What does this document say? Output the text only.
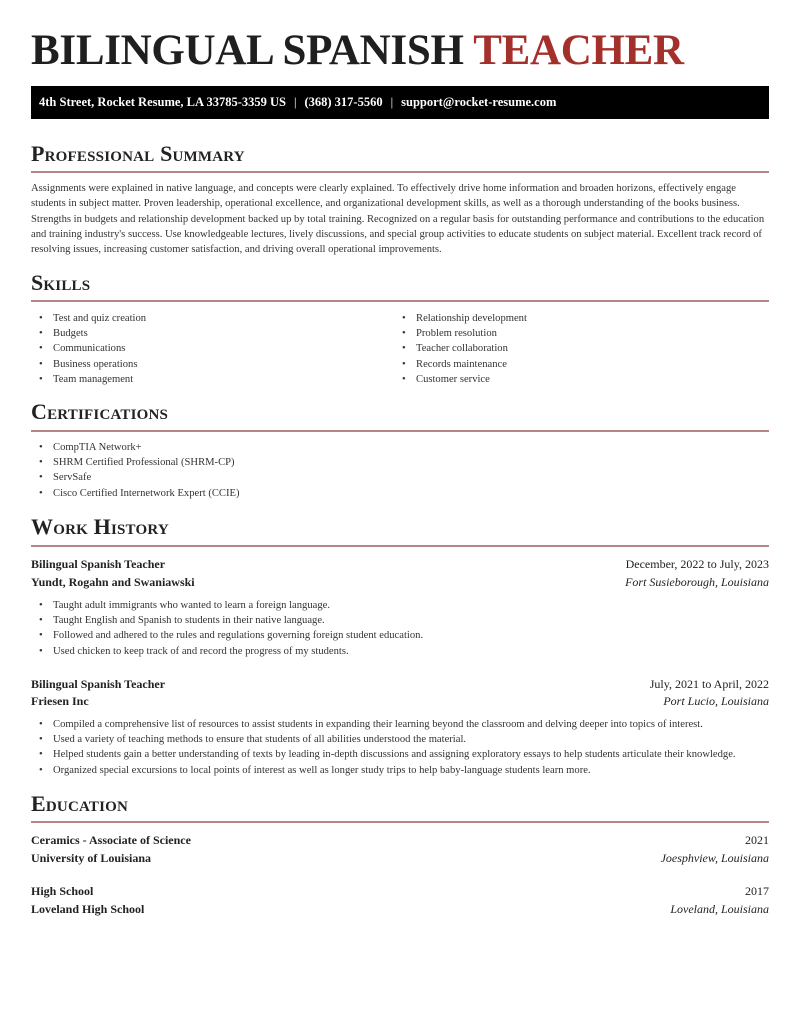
BILINGUAL SPANISH TEACHER
4th Street, Rocket Resume, LA 33785-3359 US | (368) 317-5560 | support@rocket-resume.com
Professional Summary

Assignments were explained in native language, and concepts were clearly explained. To effectively drive home information and broaden horizons, effectively engage students in subject matter. Proven leadership, operational excellence, and organizational development skills, as well as a thorough understanding of the books business. Strengths in budgets and relationship development backed up by total training. Recognized on a regular basis for outstanding performance and contributions to the education and training industry's success. Use knowledgeable lectures, lively discussions, and special group activities to educate students on subject material. Excellent track record of resolving issues, increasing customer satisfaction, and driving overall operational improvements.

Skills
• Test and quiz creation
• Budgets
• Communications
• Business operations
• Team management
• Relationship development
• Problem resolution
• Teacher collaboration
• Records maintenance
• Customer service
Certifications
• CompTIA Network+
• SHRM Certified Professional (SHRM-CP)
• ServSafe
• Cisco Certified Internetwork Expert (CCIE)
Work History
Bilingual Spanish Teacher	December, 2022 to July, 2023
Yundt, Rogahn and Swaniawski	Fort Susieborough, Louisiana
• Taught adult immigrants who wanted to learn a foreign language.
• Taught English and Spanish to students in their native language.
• Followed and adhered to the rules and regulations governing foreign student education.
• Used chicken to keep track of and record the progress of my students.
Bilingual Spanish Teacher	July, 2021 to April, 2022
Friesen Inc	Port Lucio, Louisiana
• Compiled a comprehensive list of resources to assist students in expanding their learning beyond the classroom and delving deeper into topics of interest.
• Used a variety of teaching methods to ensure that students of all abilities understood the material.
• Helped students gain a better understanding of texts by leading in-depth discussions and assigning exploratory essays to help students articulate their knowledge.
• Organized special excursions to local points of interest as well as longer study trips to help baby-language students learn more.
Education
Ceramics - Associate of Science	2021
University of Louisiana	Joesphview, Louisiana
High School	2017
Loveland High School	Loveland, Louisiana
